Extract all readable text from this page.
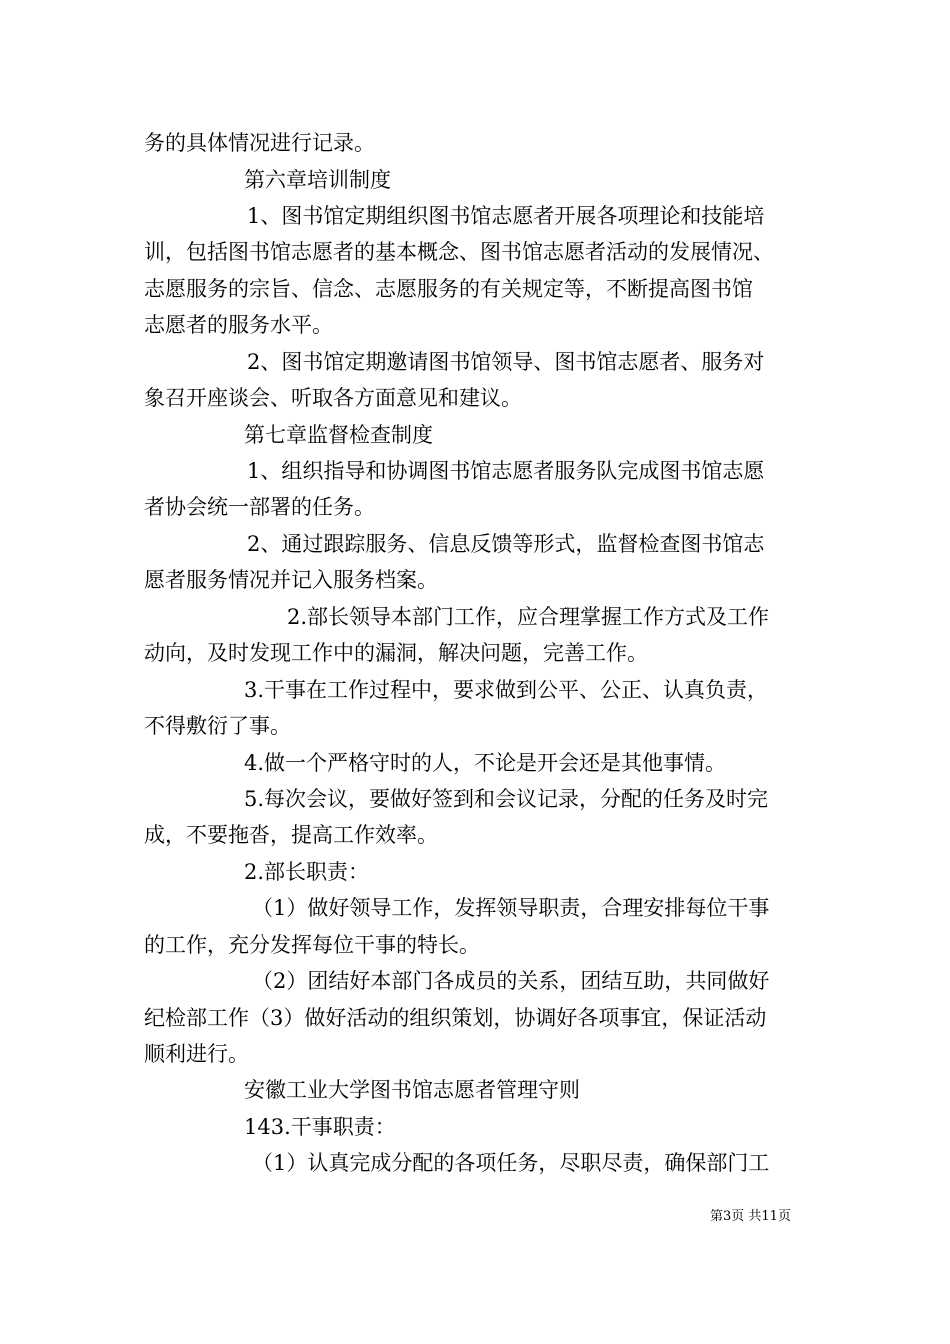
务的具体情况进行记录。
第六章培训制度
1、图书馆定期组织图书馆志愿者开展各项理论和技能培
训，包括图书馆志愿者的基本概念、图书馆志愿者活动的发展情况、
志愿服务的宗旨、信念、志愿服务的有关规定等，不断提高图书馆
志愿者的服务水平。
2、图书馆定期邀请图书馆领导、图书馆志愿者、服务对
象召开座谈会、听取各方面意见和建议。
第七章监督检查制度
1、组织指导和协调图书馆志愿者服务队完成图书馆志愿
者协会统一部署的任务。
2、通过跟踪服务、信息反馈等形式，监督检查图书馆志
愿者服务情况并记入服务档案。
2.部长领导本部门工作，应合理掌握工作方式及工作
动向，及时发现工作中的漏洞，解决问题，完善工作。
3.干事在工作过程中，要求做到公平、公正、认真负责，
不得敷衍了事。
4.做一个严格守时的人，不论是开会还是其他事情。
5.每次会议，要做好签到和会议记录，分配的任务及时完
成，不要拖沓，提高工作效率。
2.部长职责：
（1）做好领导工作，发挥领导职责，合理安排每位干事
的工作，充分发挥每位干事的特长。
（2）团结好本部门各成员的关系，团结互助，共同做好
纪检部工作（3）做好活动的组织策划，协调好各项事宜，保证活动
顺利进行。
安徽工业大学图书馆志愿者管理守则
143.干事职责：
（1）认真完成分配的各项任务，尽职尽责，确保部门工
第3页 共11页
